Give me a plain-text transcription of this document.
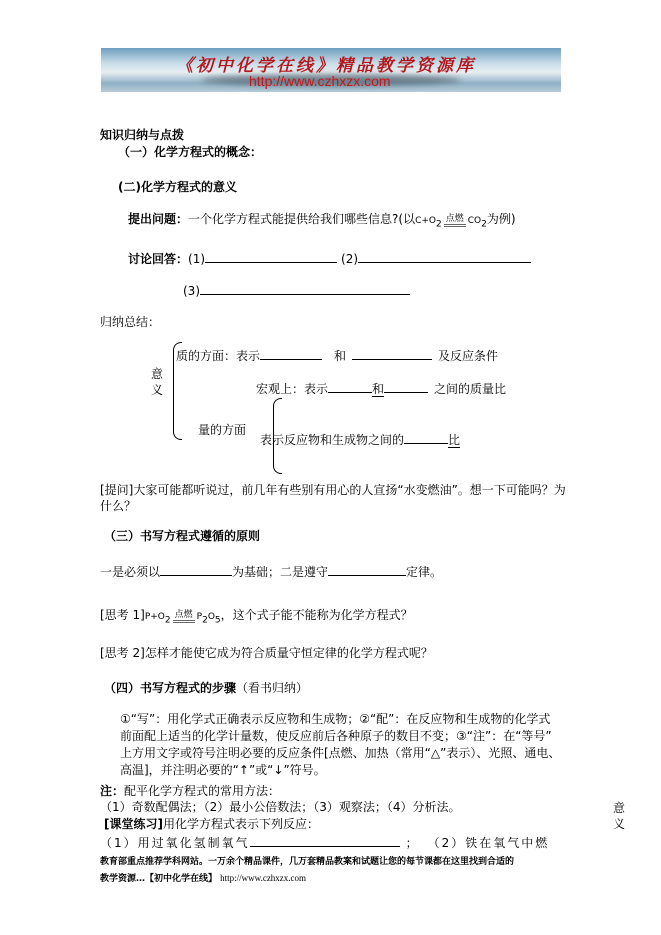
《初中化学在线》精品教学资源库
http://www.czhxzx.com
知识归纳与点拨
（一）化学方程式的概念：
(二)化学方程式的意义
提出问题：一个化学方程式能提供给我们哪些信息?(以$C+O_2$
点燃 $CO_2$为例)
讨论回答：(1)	(2)
(3)
归纳总结：
意义
质的方面：表示	和	及反应条件
宏观上：表示	和	之间的质量比
量的方面
表示反应物和生成物之间的	比
[提问]大家可能都听说过，前几年有些别有用心的人宣扬“水变燃油”。想一下可能吗？为
什么？
（三）书写方程式遵循的原则
一是必须以	为基础；二是遵守	定律。
[思考 $1]P+O_2$
点燃 $P_2O_5$，这个式子能不能称为化学方程式？
[思考 2]怎样才能使它成为符合质量守恒定律的化学方程式呢？
（四）书写方程式的步骤（看书归纳）
①“写”：用化学式正确表示反应物和生成物；②“配”：在反应物和生成物的化学式
前面配上适当的化学计量数，使反应前后各种原子的数目不变；③“注”：在“等号”
上方用文字或符号注明必要的反应条件[点燃、加热（常用“△”表示）、光照、通电、
高温]，并注明必要的“↑”或“↓”符号。
注：配平化学方程式的常用方法：
（1）奇数配偶法；（2）最小公倍数法；（3）观察法；（4）分析法。
[课堂练习]用化学方程式表示下列反应：
（1）用过氧化氢制氧气	； （2）铁在氧气中燃
意义
教育部重点推荐学科网站。一万余个精品课件，几万套精品教案和试题让您的每节课都在这里找到合适的
教学资源…【初中化学在线】 http://www.czhxzx.com
